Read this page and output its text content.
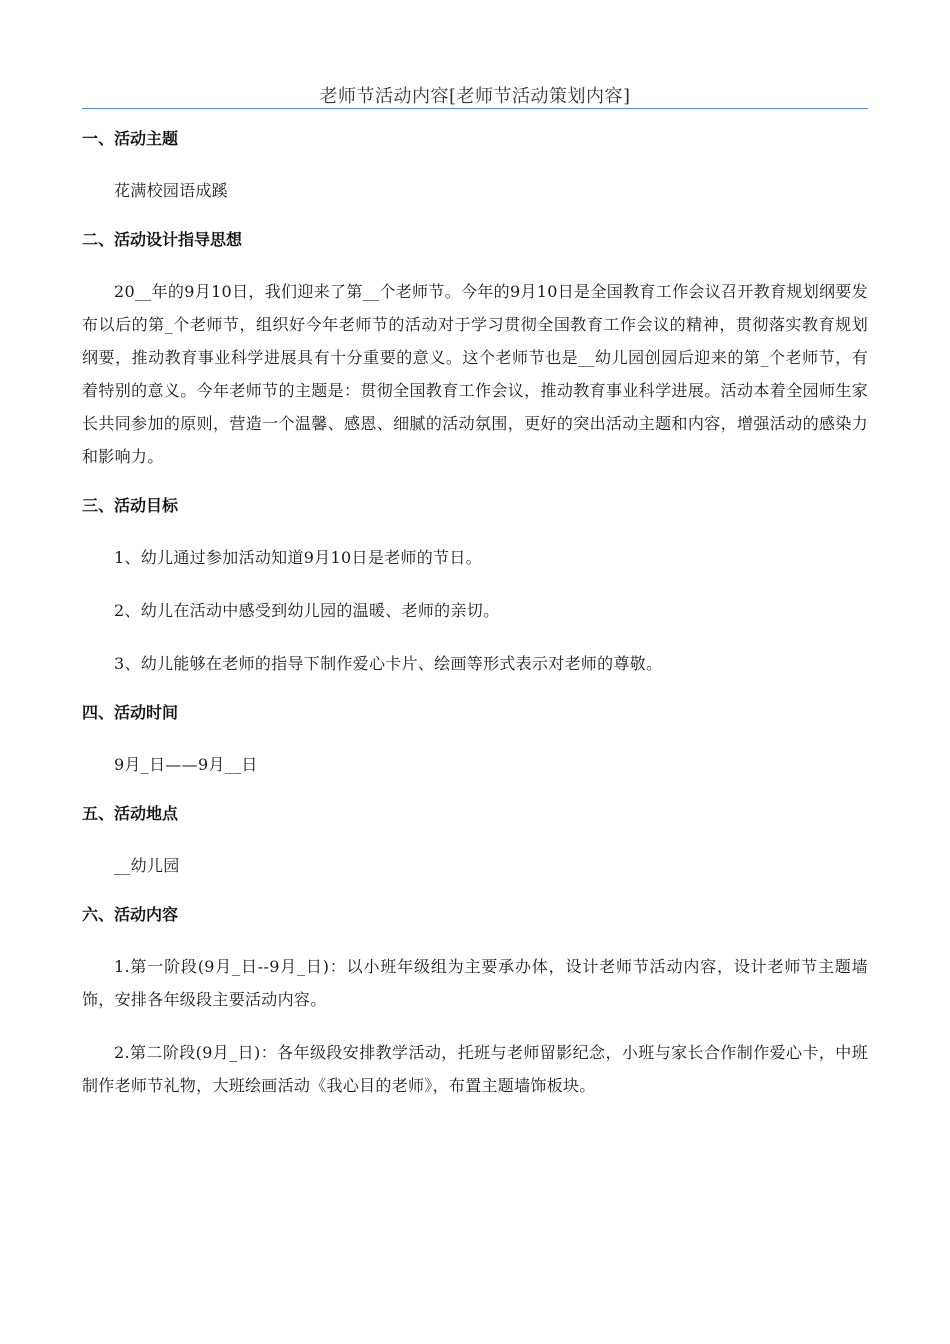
老师节活动内容[老师节活动策划内容]
一、活动主题

花满校园语成蹊

二、活动设计指导思想

20__年的9月10日，我们迎来了第__个老师节。今年的9月10日是全国教育工作会议召开教育规划纲要发布以后的第_个老师节，组织好今年老师节的活动对于学习贯彻全国教育工作会议的精神，贯彻落实教育规划纲要，推动教育事业科学进展具有十分重要的意义。这个老师节也是__幼儿园创园后迎来的第_个老师节，有着特别的意义。今年老师节的主题是：贯彻全国教育工作会议，推动教育事业科学进展。活动本着全园师生家长共同参加的原则，营造一个温馨、感恩、细腻的活动氛围，更好的突出活动主题和内容，增强活动的感染力和影响力。

三、活动目标

1、幼儿通过参加活动知道9月10日是老师的节日。

2、幼儿在活动中感受到幼儿园的温暖、老师的亲切。

3、幼儿能够在老师的指导下制作爱心卡片、绘画等形式表示对老师的尊敬。

四、活动时间

9月_日——9月__日

五、活动地点

__幼儿园

六、活动内容

1.第一阶段(9月_日--9月_日)：以小班年级组为主要承办体，设计老师节活动内容，设计老师节主题墙饰，安排各年级段主要活动内容。

2.第二阶段(9月_日)：各年级段安排教学活动，托班与老师留影纪念，小班与家长合作制作爱心卡，中班制作老师节礼物，大班绘画活动《我心目的老师》，布置主题墙饰板块。
